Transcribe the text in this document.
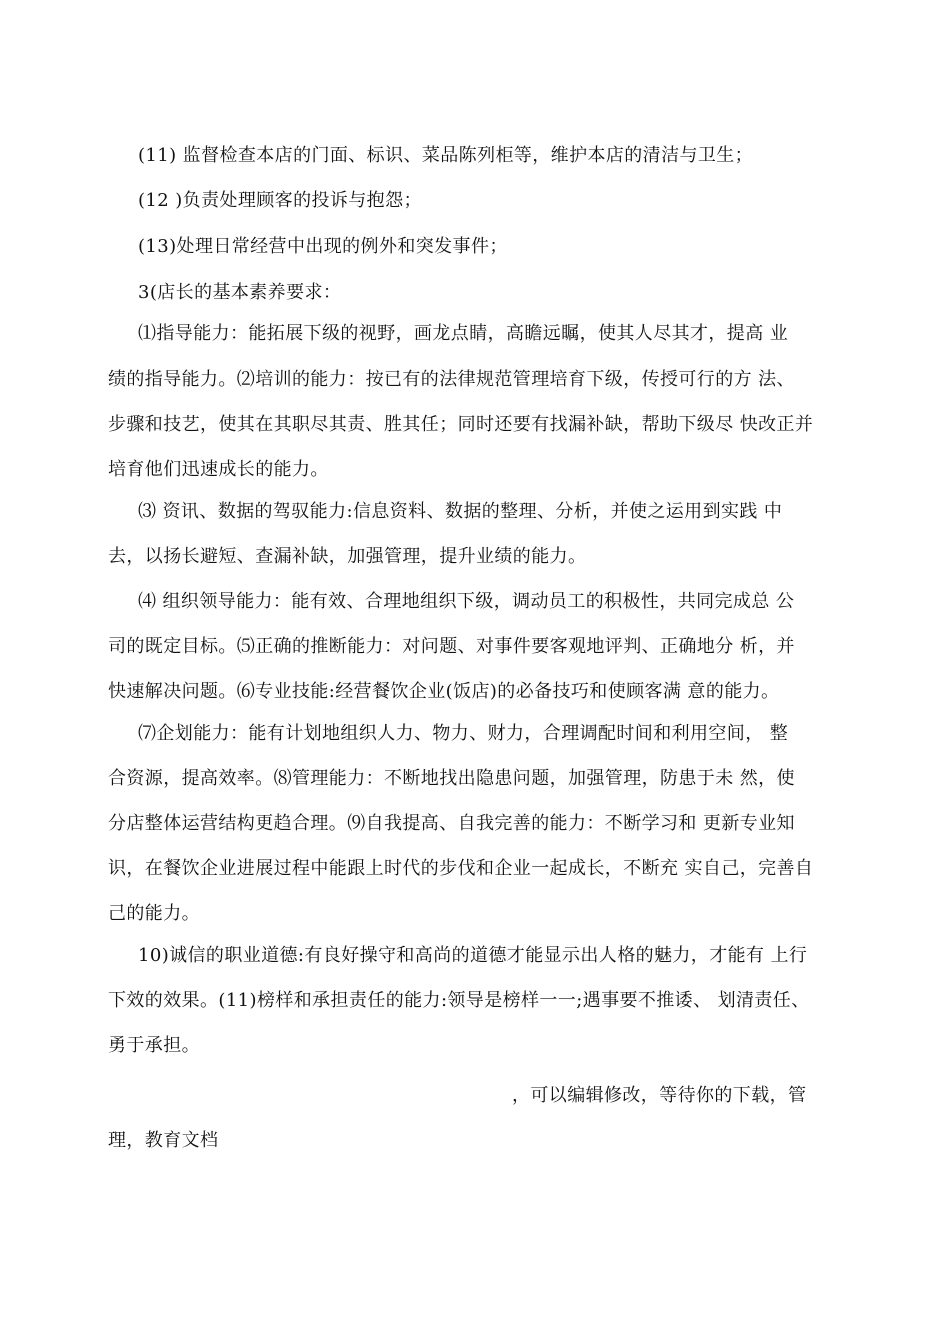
(11) 监督检查本店的门面、标识、菜品陈列柜等，维护本店的清洁与卫生；
(12 )负责处理顾客的投诉与抱怨；
(13)处理日常经营中出现的例外和突发事件；
3(店长的基本素养要求：
⑴指导能力：能拓展下级的视野，画龙点睛，高瞻远瞩，使其人尽其才，提高 业
绩的指导能力。⑵培训的能力：按已有的法律规范管理培育下级，传授可行的方 法、
步骤和技艺，使其在其职尽其责、胜其任；同时还要有找漏补缺，帮助下级尽 快改正并
培育他们迅速成长的能力。
⑶ 资讯、数据的驾驭能力:信息资料、数据的整理、分析，并使之运用到实践 中
去，以扬长避短、查漏补缺，加强管理，提升业绩的能力。
⑷ 组织领导能力：能有效、合理地组织下级，调动员工的积极性，共同完成总 公
司的既定目标。⑸正确的推断能力：对问题、对事件要客观地评判、正确地分 析，并
快速解决问题。⑹专业技能:经营餐饮企业(饭店)的必备技巧和使顾客满 意的能力。
⑺企划能力：能有计划地组织人力、物力、财力，合理调配时间和利用空间， 整
合资源，提高效率。⑻管理能力：不断地找出隐患问题，加强管理，防患于未 然，使
分店整体运营结构更趋合理。⑼自我提高、自我完善的能力：不断学习和 更新专业知
识，在餐饮企业进展过程中能跟上时代的步伐和企业一起成长，不断充 实自己，完善自
己的能力。
10)诚信的职业道德:有良好操守和高尚的道德才能显示出人格的魅力，才能有 上行
下效的效果。(11)榜样和承担责任的能力:领导是榜样一一;遇事要不推诿、 划清责任、
勇于承担。
，可以编辑修改，等待你的下载，管
理，教育文档
